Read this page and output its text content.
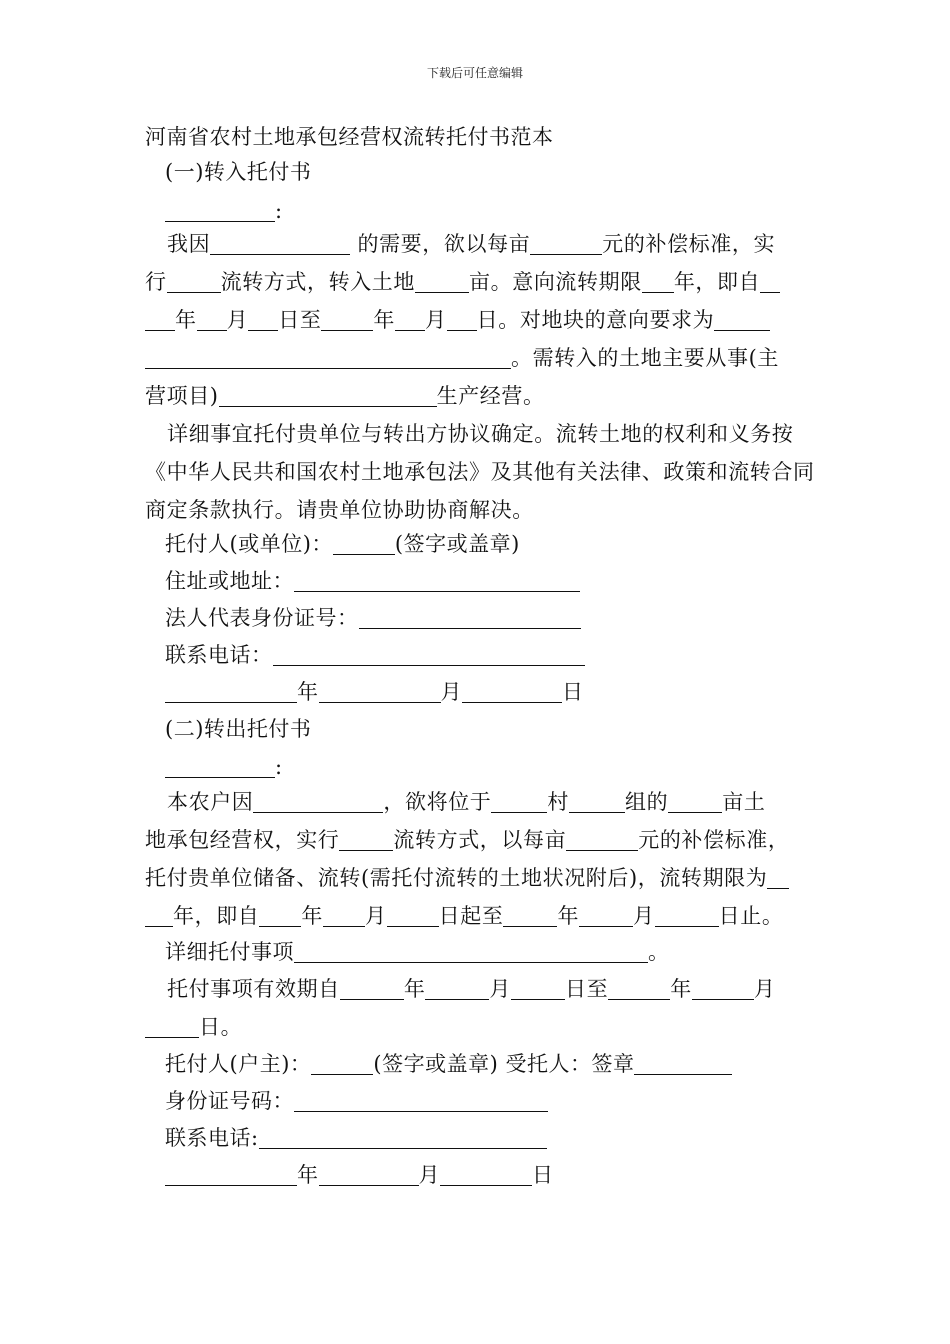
下载后可任意编辑
河南省农村土地承包经营权流转托付书范本
(一)转入托付书
:
我因	的需要，欲以每亩	元的补偿标准，实
行	流转方式，转入土地	亩。意向流转期限 年，即自
年 月 日至 年 月 日。对地块的意向要求为
。需转入的土地主要从事(主
营项目)	生产经营。
详细事宜托付贵单位与转出方协议确定。流转土地的权利和义务按《中华人民共和国农村土地承包法》及其他有关法律、政策和流转合同商定条款执行。请贵单位协助协商解决。
托付人(或单位)：	(签字或盖章)
住址或地址：
法人代表身份证号：
联系电话：
年	月	日
(二)转出托付书
:
本农户因	，欲将位于	村	组的	亩土
地承包经营权，实行	流转方式，以每亩	元的补偿标准，
托付贵单位储备、流转(需托付流转的土地状况附后)，流转期限为
年，即自 年 月 日起至	年	月	日止。
详细托付事项	。
托付事项有效期自	年	月	日至	年	月
日。
托付人(户主)：	(签字或盖章) 受托人：签章
身份证号码：
联系电话:
年	月	日
